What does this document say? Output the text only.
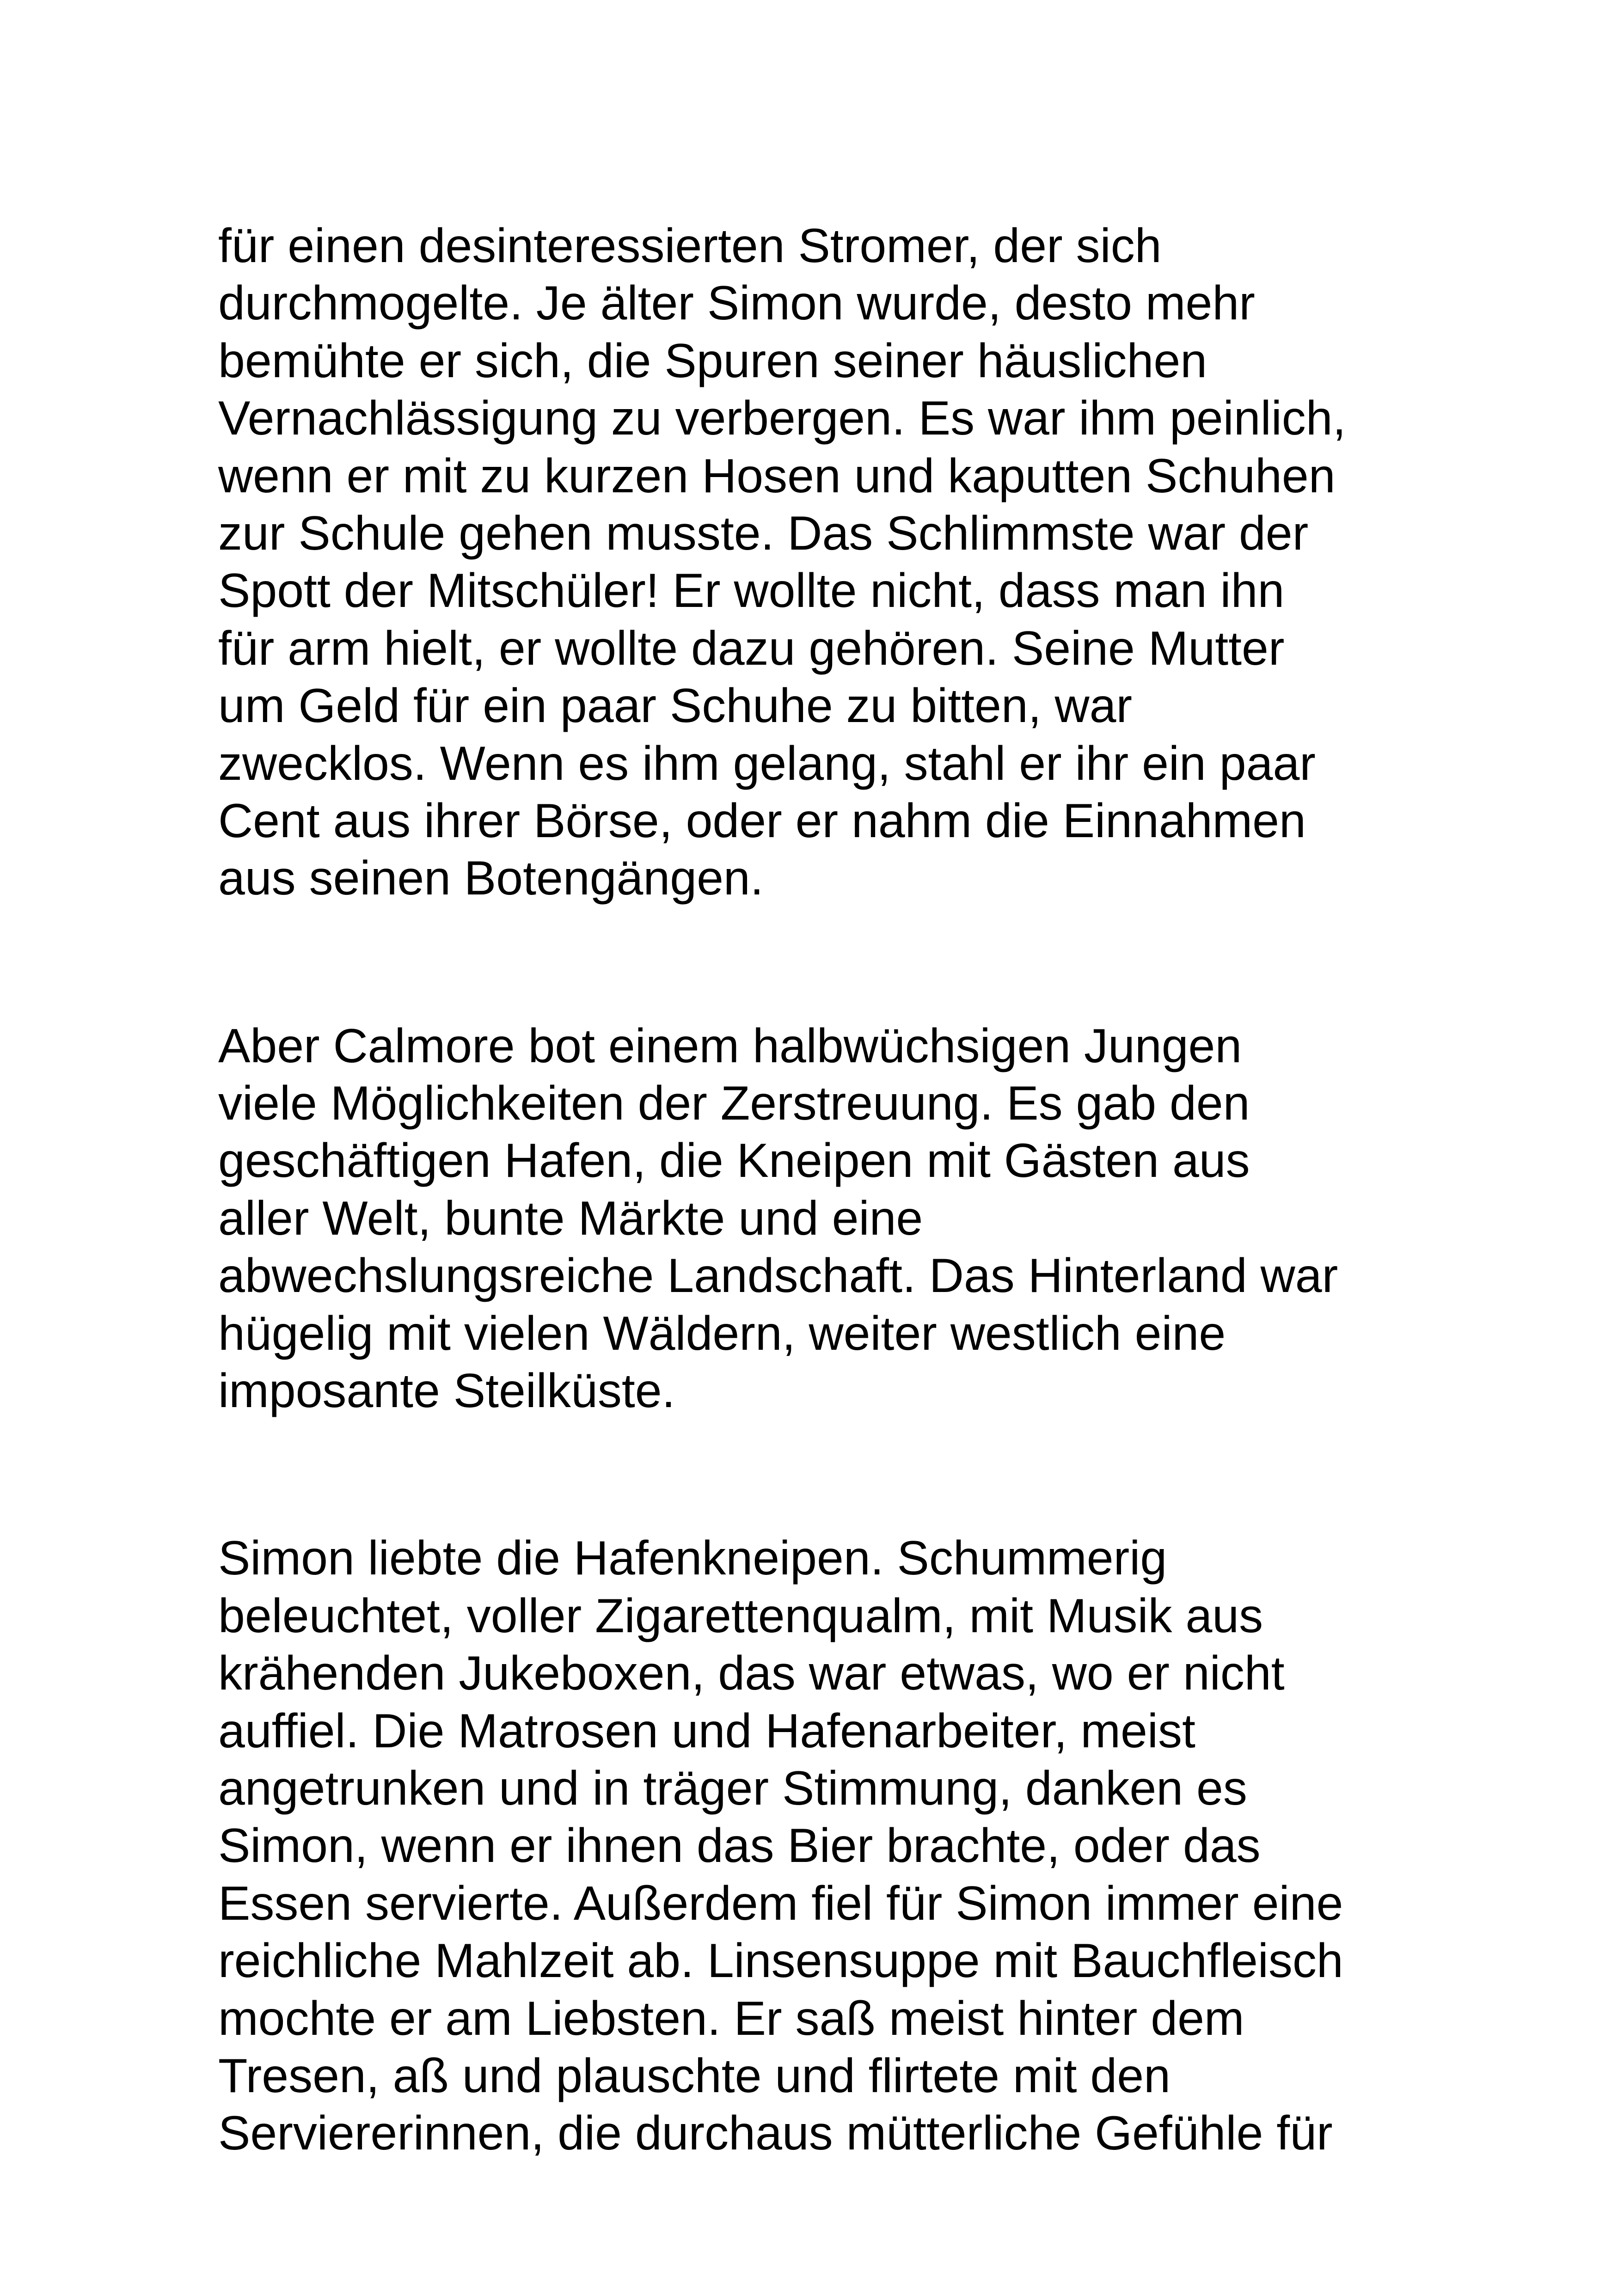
für einen desinteressierten Stromer, der sich
durchmogelte. Je älter Simon wurde, desto mehr
bemühte er sich, die Spuren seiner häuslichen
Vernachlässigung zu verbergen. Es war ihm peinlich,
wenn er mit zu kurzen Hosen und kaputten Schuhen
zur Schule gehen musste. Das Schlimmste war der
Spott der Mitschüler! Er wollte nicht, dass man ihn
für arm hielt, er wollte dazu gehören. Seine Mutter
um Geld für ein paar Schuhe zu bitten, war
zwecklos. Wenn es ihm gelang, stahl er ihr ein paar
Cent aus ihrer Börse, oder er nahm die Einnahmen
aus seinen Botengängen.
Aber Calmore bot einem halbwüchsigen Jungen
viele Möglichkeiten der Zerstreuung. Es gab den
geschäftigen Hafen, die Kneipen mit Gästen aus
aller Welt, bunte Märkte und eine
abwechslungsreiche Landschaft. Das Hinterland war
hügelig mit vielen Wäldern, weiter westlich eine
imposante Steilküste.
Simon liebte die Hafenkneipen. Schummerig
beleuchtet, voller Zigarettenqualm, mit Musik aus
krähenden Jukeboxen, das war etwas, wo er nicht
auffiel. Die Matrosen und Hafenarbeiter, meist
angetrunken und in träger Stimmung, danken es
Simon, wenn er ihnen das Bier brachte, oder das
Essen servierte. Außerdem fiel für Simon immer eine
reichliche Mahlzeit ab. Linsensuppe mit Bauchfleisch
mochte er am Liebsten. Er saß meist hinter dem
Tresen, aß und plauschte und flirtete mit den
Serviererinnen, die durchaus mütterliche Gefühle für
